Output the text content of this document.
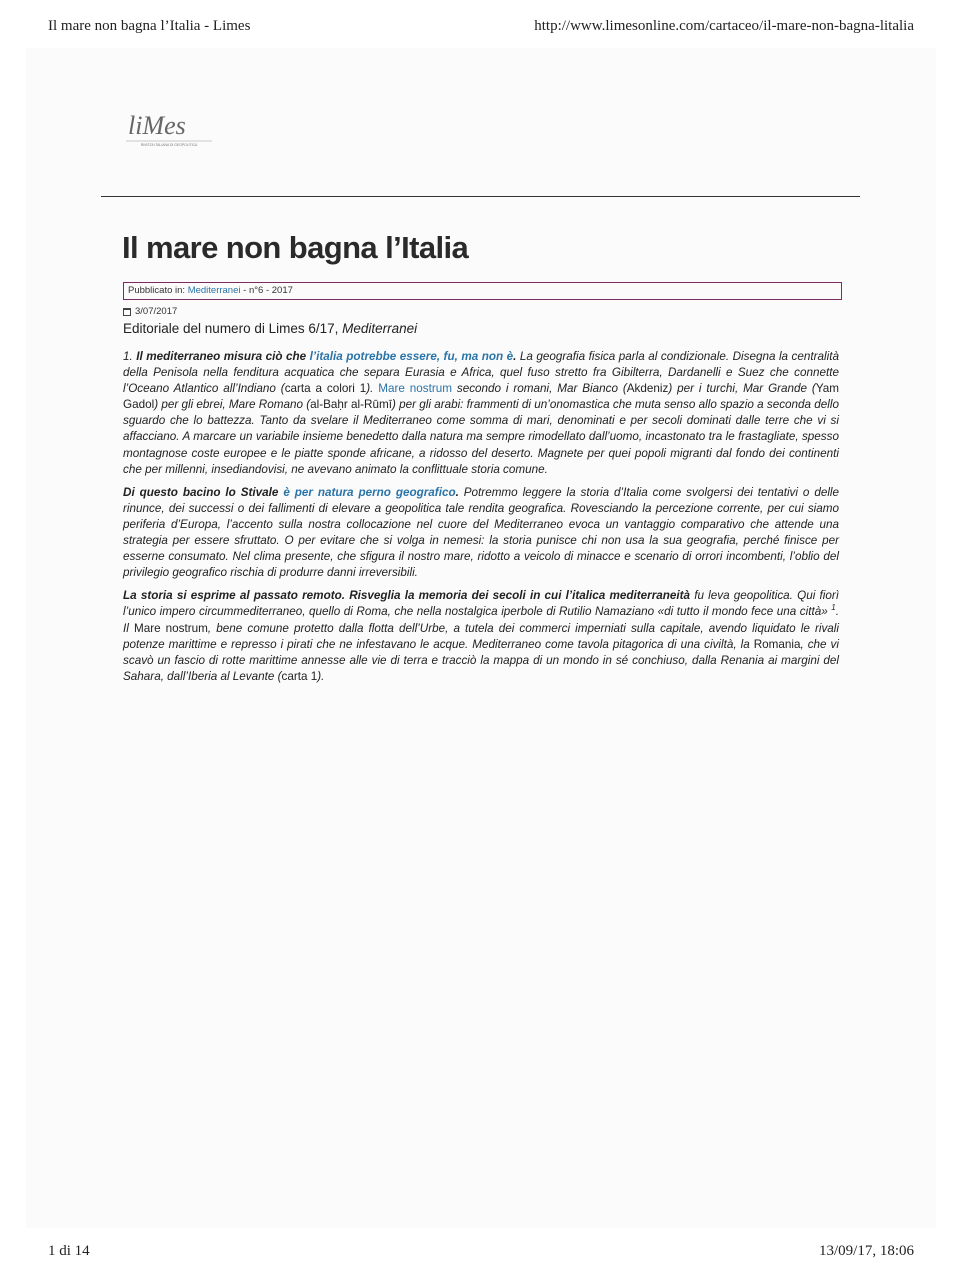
Il mare non bagna l’Italia - Limes	http://www.limesonline.com/cartaceo/il-mare-non-bagna-litalia
liMes
RIVISTA ITALIANA DI GEOPOLITICA
Il mare non bagna l’Italia
Pubblicato in: Mediterranei - n°6 - 2017
3/07/2017

Editoriale del numero di Limes 6/17, Mediterranei

1. Il mediterraneo misura ciò che l’italia potrebbe essere, fu, ma non è. La geografia fisica parla al condizionale. Disegna la centralità della Penisola nella fenditura acquatica che separa Eurasia e Africa, quel fuso stretto fra Gibilterra, Dardanelli e Suez che connette l’Oceano Atlantico all’Indiano (carta a colori 1). Mare nostrum secondo i romani, Mar Bianco (Akdeniz) per i turchi, Mar Grande (Yam Gadol) per gli ebrei, Mare Romano (al-Baḥr al-Rūmī) per gli arabi: frammenti di un’onomastica che muta senso allo spazio a seconda dello sguardo che lo battezza. Tanto da svelare il Mediterraneo come somma di mari, denominati e per secoli dominati dalle terre che vi si affacciano. A marcare un variabile insieme benedetto dalla natura ma sempre rimodellato dall’uomo, incastonato tra le frastagliate, spesso montagnose coste europee e le piatte sponde africane, a ridosso del deserto. Magnete per quei popoli migranti dal fondo dei continenti che per millenni, insediandovisi, ne avevano animato la conflittuale storia comune.

Di questo bacino lo Stivale è per natura perno geografico. Potremmo leggere la storia d’Italia come svolgersi dei tentativi o delle rinunce, dei successi o dei fallimenti di elevare a geopolitica tale rendita geografica. Rovesciando la percezione corrente, per cui siamo periferia d’Europa, l’accento sulla nostra collocazione nel cuore del Mediterraneo evoca un vantaggio comparativo che attende una strategia per essere sfruttato. O per evitare che si volga in nemesi: la storia punisce chi non usa la sua geografia, perché finisce per esserne consumato. Nel clima presente, che sfigura il nostro mare, ridotto a veicolo di minacce e scenario di orrori incombenti, l’oblio del privilegio geografico rischia di produrre danni irreversibili.

La storia si esprime al passato remoto. Risveglia la memoria dei secoli in cui l’italica mediterraneità fu leva geopolitica. Qui fiorì l’unico impero circummediterraneo, quello di Roma, che nella nostalgica iperbole di Rutilio Namaziano «di tutto il mondo fece una città» $^1$. Il Mare nostrum, bene comune protetto dalla flotta dell’Urbe, a tutela dei commerci imperniati sulla capitale, avendo liquidato le rivali potenze marittime e represso i pirati che ne infestavano le acque. Mediterraneo come tavola pitagorica di una civiltà, la Romania, che vi scavò un fascio di rotte marittime annesse alle vie di terra e tracciò la mappa di un mondo in sé conchiuso, dalla Renania ai margini del Sahara, dall’Iberia al Levante (carta 1).

1 di 14	13/09/17, 18:06
